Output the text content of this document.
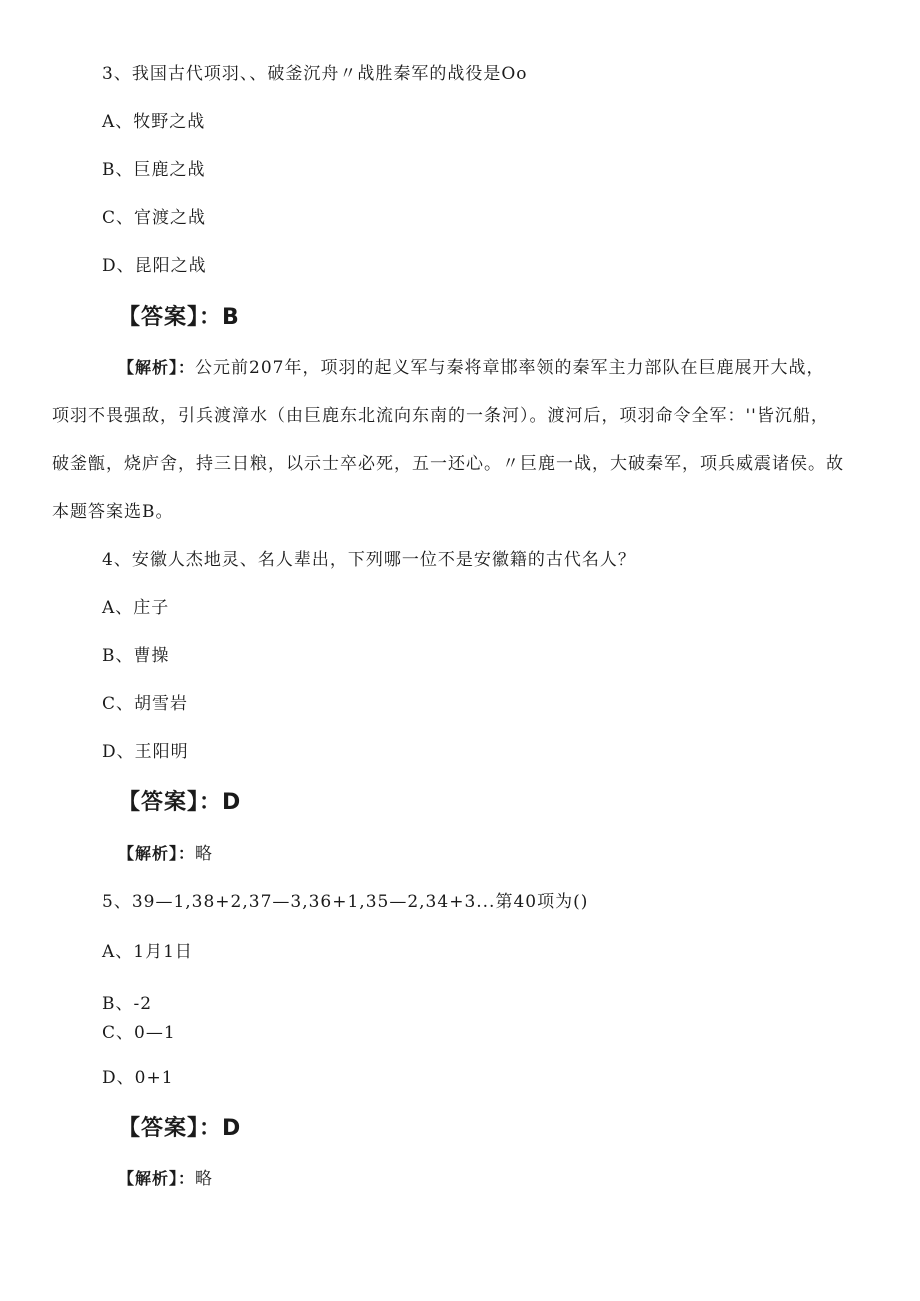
3、我国古代项羽、、破釜沉舟〃战胜秦军的战役是Oo
A、牧野之战
B、巨鹿之战
C、官渡之战
D、昆阳之战
【答案】：B
【解析】：公元前207年，项羽的起义军与秦将章邯率领的秦军主力部队在巨鹿展开大战，
项羽不畏强敌，引兵渡漳水（由巨鹿东北流向东南的一条河）。渡河后，项羽命令全军：''皆沉船，
破釜甑，烧庐舍，持三日粮，以示士卒必死，五一还心。〃巨鹿一战，大破秦军，项兵威震诸侯。故
本题答案选B。
4、安徽人杰地灵、名人辈出，下列哪一位不是安徽籍的古代名人？
A、庄子
B、曹操
C、胡雪岩
D、王阳明
【答案】：D
【解析】：略
5、39—1,38+2,37—3,36+1,35—2,34+3...第40项为()
A、1月1日
B、-2
C、0—1
D、0+1
【答案】：D
【解析】：略
